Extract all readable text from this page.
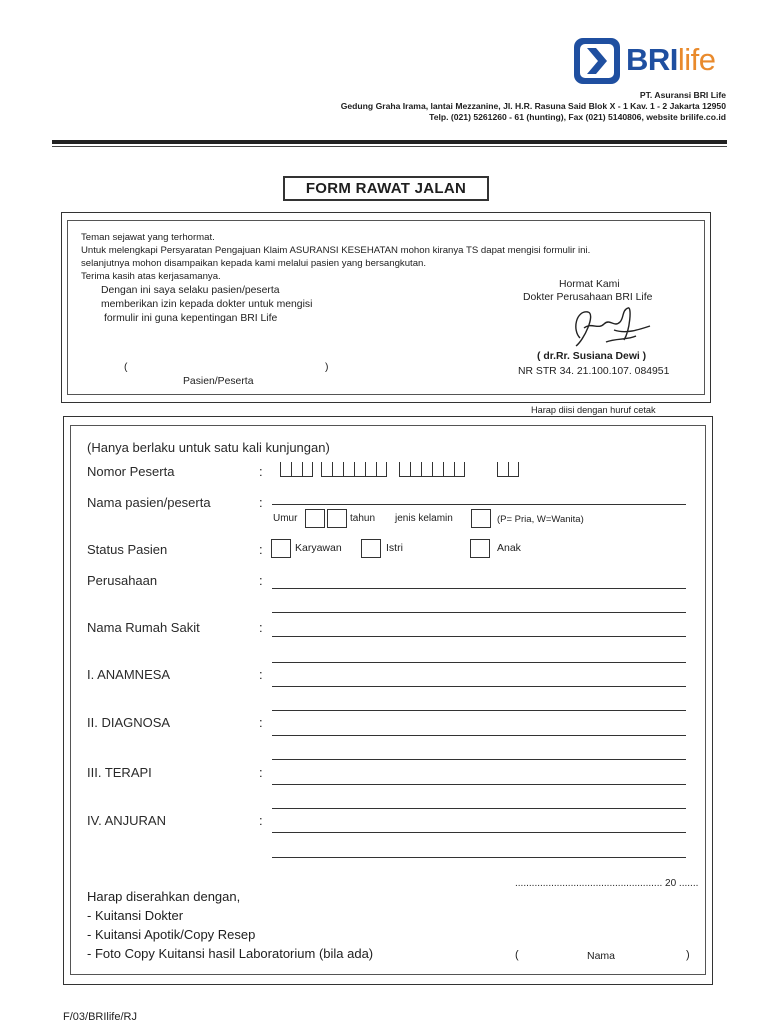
BRIlife
PT. Asuransi BRI Life
Gedung Graha Irama, lantai Mezzanine, Jl. H.R. Rasuna Said Blok X - 1 Kav. 1 - 2 Jakarta 12950
Telp. (021) 5261260 - 61 (hunting), Fax (021) 5140806, website brilife.co.id
FORM RAWAT JALAN
Teman sejawat yang terhormat.
Untuk melengkapi Persyaratan Pengajuan Klaim ASURANSI KESEHATAN mohon kiranya TS dapat mengisi formulir ini.
selanjutnya mohon disampaikan kepada kami melalui pasien yang bersangkutan.
Terima kasih atas kerjasamanya.
Dengan ini saya selaku pasien/peserta
memberikan izin kepada dokter untuk mengisi
formulir ini guna kepentingan BRI Life
(	)
Pasien/Peserta
Hormat Kami
Dokter Perusahaan BRI Life
( dr.Rr. Susiana Dewi )
NR STR 34. 21.100.107. 084951
Harap diisi dengan huruf cetak
(Hanya berlaku untuk satu kali kunjungan)
Nomor Peserta	:
Nama pasien/peserta	:
Umur	tahun jenis kelamin	(P= Pria, W=Wanita)
Status Pasien	:	Karyawan	Istri	Anak
Perusahaan	:
Nama Rumah Sakit	:
I. ANAMNESA	:
II. DIAGNOSA	:
III. TERAPI	:
IV. ANJURAN	:
..................................................... 20 .......
Harap diserahkan dengan,
- Kuitansi Dokter
- Kuitansi Apotik/Copy Resep
- Foto Copy Kuitansi hasil Laboratorium (bila ada)	(	Nama	)
F/03/BRIlife/RJ
